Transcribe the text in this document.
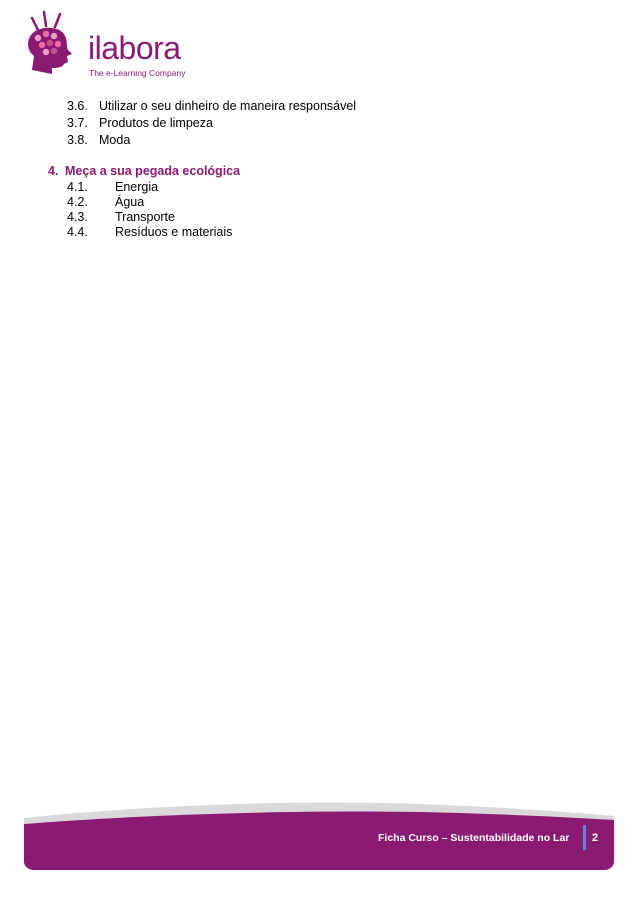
ilabora
The e-Learning Company
3.6. Utilizar o seu dinheiro de maneira responsável
3.7. Produtos de limpeza
3.8. Moda
4. Meça a sua pegada ecológica
4.1. Energia
4.2. Água
4.3. Transporte
4.4. Resíduos e materiais
Ficha Curso – Sustentabilidade no Lar 2
